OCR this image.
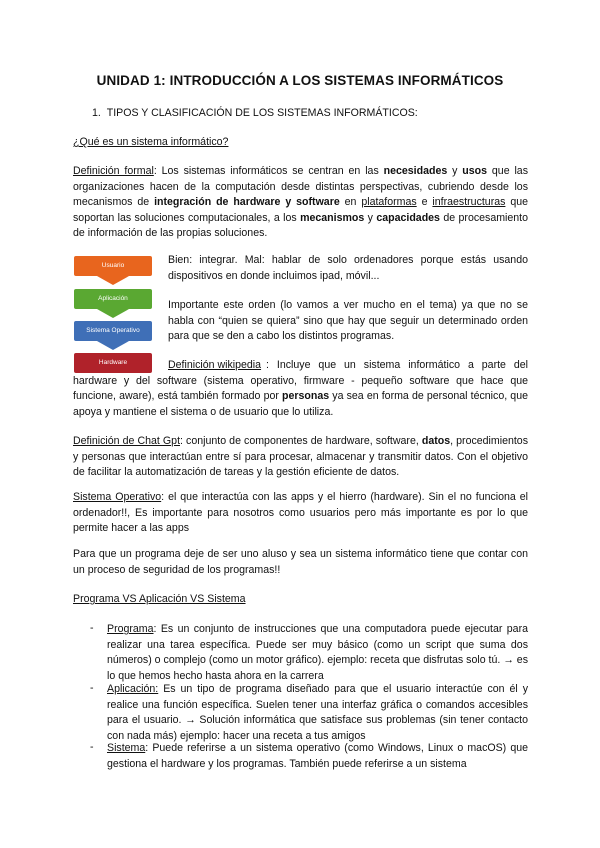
UNIDAD 1: INTRODUCCIÓN A LOS SISTEMAS INFORMÁTICOS
1. TIPOS Y CLASIFICACIÓN DE LOS SISTEMAS INFORMÁTICOS:
¿Qué es un sistema informático?
Definición formal: Los sistemas informáticos se centran en las necesidades y usos que las organizaciones hacen de la computación desde distintas perspectivas, cubriendo desde los mecanismos de integración de hardware y software en plataformas e infraestructuras que soportan las soluciones computacionales, a los mecanismos y capacidades de procesamiento de información de las propias soluciones.
Usuario
Aplicación
Sistema Operativo
Hardware
Bien: integrar. Mal: hablar de solo ordenadores porque estás usando dispositivos en donde incluimos ipad, móvil...
Importante este orden (lo vamos a ver mucho en el tema) ya que no se habla con “quien se quiera” sino que hay que seguir un determinado orden para que se den a cabo los distintos programas.
Definición wikipedia : Incluye que un sistema informático a parte del hardware y del software (sistema operativo, firmware - pequeño software que hace que funcione, aware), está también formado por personas ya sea en forma de personal técnico, que apoya y mantiene el sistema o de usuario que lo utiliza.
Definición de Chat Gpt: conjunto de componentes de hardware, software, datos, procedimientos y personas que interactúan entre sí para procesar, almacenar y transmitir datos. Con el objetivo de facilitar la automatización de tareas y la gestión eficiente de datos.
Sistema Operativo: el que interactúa con las apps y el hierro (hardware). Sin el no funciona el ordenador!!, Es importante para nosotros como usuarios pero más importante es por lo que permite hacer a las apps
Para que un programa deje de ser uno aluso y sea un sistema informático tiene que contar con un proceso de seguridad de los programas!!
Programa VS Aplicación VS Sistema
- Programa: Es un conjunto de instrucciones que una computadora puede ejecutar para realizar una tarea específica. Puede ser muy básico (como un script que suma dos números) o complejo (como un motor gráfico). ejemplo: receta que disfrutas solo tú. → es lo que hemos hecho hasta ahora en la carrera
- Aplicación: Es un tipo de programa diseñado para que el usuario interactúe con él y realice una función específica. Suelen tener una interfaz gráfica o comandos accesibles para el usuario. → Solución informática que satisface sus problemas (sin tener contacto con nada más) ejemplo: hacer una receta a tus amigos
- Sistema: Puede referirse a un sistema operativo (como Windows, Linux o macOS) que gestiona el hardware y los programas. También puede referirse a un sistema
